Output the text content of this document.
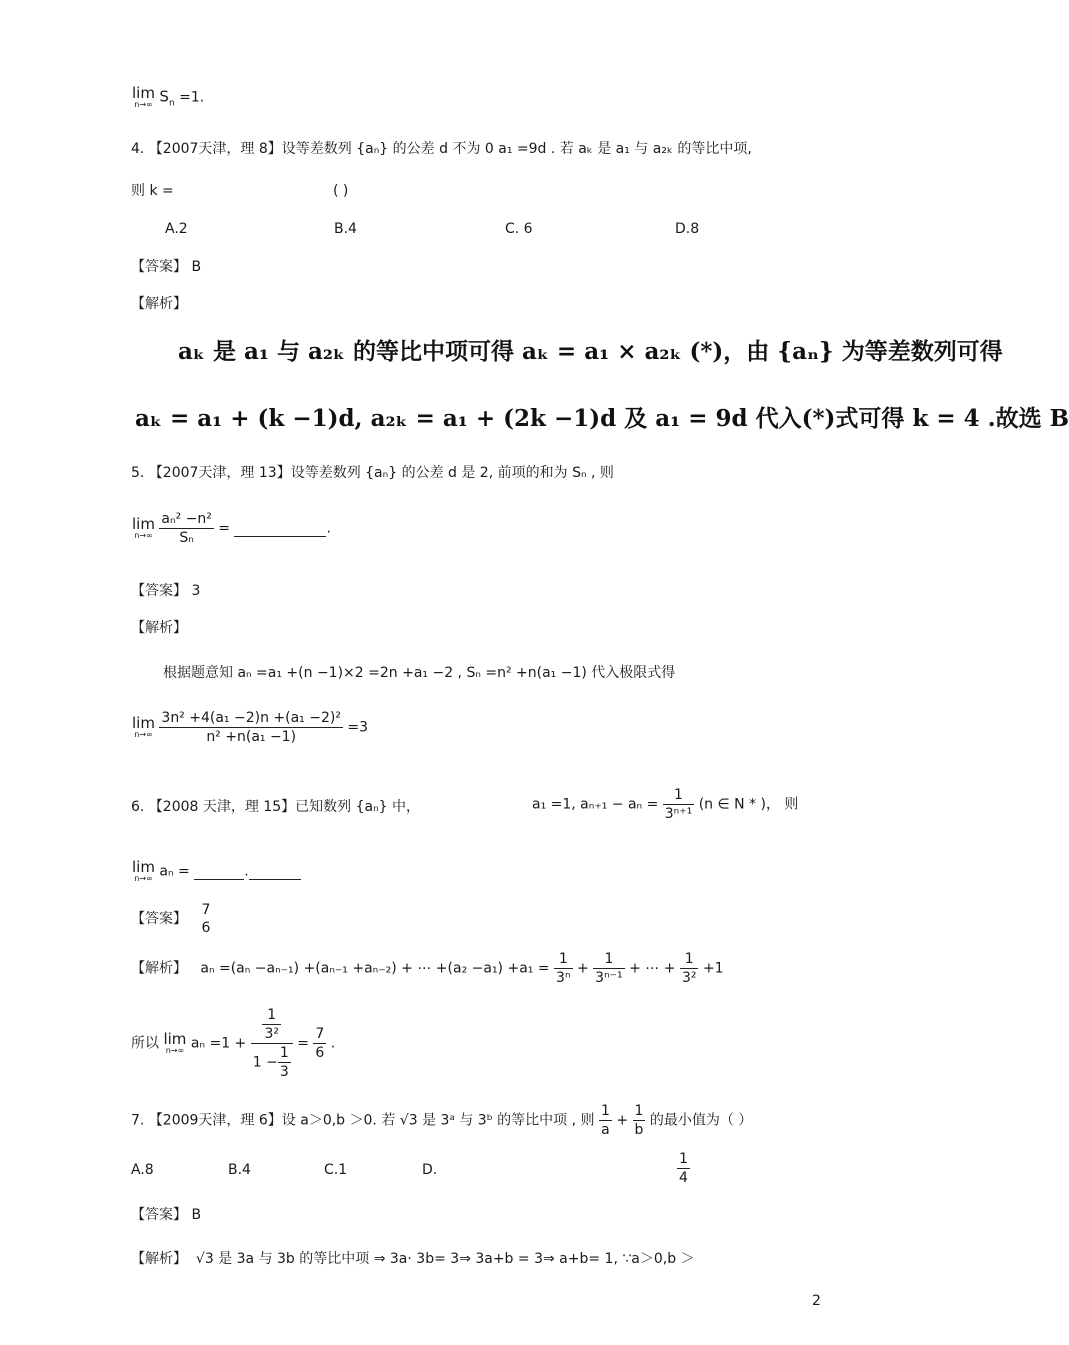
lim
n→∞ $S_n =1$.
4. 【2007天津，理 8】设等差数列 {aₙ} 的公差 d 不为 0 a₁ =9d . 若 aₖ 是 a₁ 与 a₂ₖ 的等比中项,
则 k =	( )
A.2	B.4	C. 6	D.8
【答案】 B
【解析】
aₖ 是 a₁ 与 a₂ₖ 的等比中项可得 aₖ = a₁ × a₂ₖ (*)，由 {aₙ} 为等差数列可得
aₖ = a₁ + (k −1)d, a₂ₖ = a₁ + (2k −1)d 及 a₁ = 9d 代入(*)式可得 k = 4 .故选 B
5. 【2007天津，理 13】设等差数列 {aₙ} 的公差 d 是 2, 前项的和为 Sₙ , 则
lim
n→∞
$\frac{\text{aₙ² −n²}}{\text{Sₙ}}$ =	.
【答案】 3
【解析】
根据题意知 aₙ =a₁ +(n −1)×2 =2n +a₁ −2 , Sₙ =n² +n(a₁ −1) 代入极限式得
lim
n→∞
$\frac{\text{3n² +4(a₁ −2)n +(a₁ −2)²}}{\text{n² +n(a₁ −1)}} =3$
6. 【2008 天津，理 15】已知数列 {aₙ} 中，	a₁ =1, $a_{n+1} - a_n = \frac{1}{\text{3ⁿ⁺¹}} (n$ ∈ N * )， 则
lim
n→∞ aₙ =	.
【答案】
7
6
【解析】 aₙ =(aₙ −aₙ₋₁) +(aₙ₋₁ +aₙ₋₂) + ⋯ $+(a_2 -a_1) +a_1 = \frac{1}{\text{3ⁿ}} + \frac{1}{\text{3ⁿ⁻¹}}$ + ⋯ + $\frac{1}{\text{3²}} +1$
所以 lim
n→∞ $a_n =1 + \frac{\frac{1}{\text{3²}}}{1 - \frac{1}{3}} = \frac{7}{6}$ .
7. 【2009天津，理 6】设 a＞0,b ＞0. 若 √3 是 3ᵃ 与 3ᵇ 的等比中项 , 则 $\frac{1}{a} + \frac{1}{b}$ 的最小值为（ ）
A.8	B.4	C.1	D.	$\frac{1}{4}$
【答案】 B
【解析】 √3 是 3a 与 3b 的等比中项 ⇒ 3a· 3b= 3⇒ 3a+b = 3⇒ a+b= 1, ∵a＞0,b ＞
2
